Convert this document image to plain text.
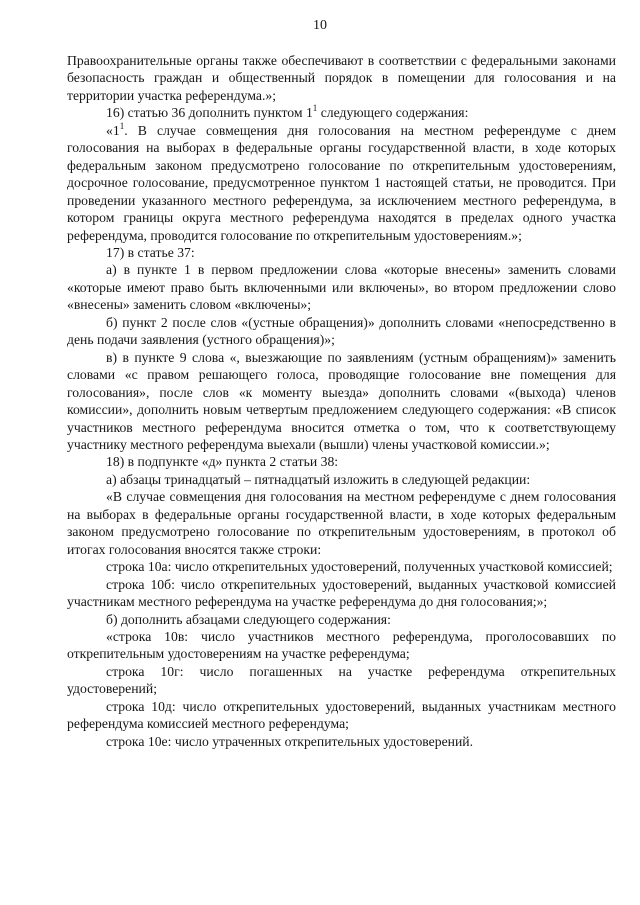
10

Правоохранительные органы также обеспечивают в соответствии с федеральными законами безопасность граждан и общественный порядок в помещении для голосования и на территории участка референдума.»;

16) статью 36 дополнить пунктом $1^1$ следующего содержания:

«$1^1$. В случае совмещения дня голосования на местном референдуме с днем голосования на выборах в федеральные органы государственной власти, в ходе которых федеральным законом предусмотрено голосование по открепительным удостоверениям, досрочное голосование, предусмотренное пунктом 1 настоящей статьи, не проводится. При проведении указанного местного референдума, за исключением местного референдума, в котором границы округа местного референдума находятся в пределах одного участка референдума, проводится голосование по открепительным удостоверениям.»;

17) в статье 37:

а) в пункте 1 в первом предложении слова «которые внесены» заменить словами «которые имеют право быть включенными или включены», во втором предложении слово «внесены» заменить словом «включены»;

б) пункт 2 после слов «(устные обращения)» дополнить словами «непосредственно в день подачи заявления (устного обращения)»;

в) в пункте 9 слова «, выезжающие по заявлениям (устным обращениям)» заменить словами «с правом решающего голоса, проводящие голосование вне помещения для голосования», после слов «к моменту выезда» дополнить словами «(выхода) членов комиссии», дополнить новым четвертым предложением следующего содержания: «В список участников местного референдума вносится отметка о том, что к соответствующему участнику местного референдума выехали (вышли) члены участковой комиссии.»;

18) в подпункте «д» пункта 2 статьи 38:

а) абзацы тринадцатый – пятнадцатый изложить в следующей редакции:

«В случае совмещения дня голосования на местном референдуме с днем голосования на выборах в федеральные органы государственной власти, в ходе которых федеральным законом предусмотрено голосование по открепительным удостоверениям, в протокол об итогах голосования вносятся также строки:

строка 10а: число открепительных удостоверений, полученных участковой комиссией;

строка 10б: число открепительных удостоверений, выданных участковой комиссией участникам местного референдума на участке референдума до дня голосования;»;

б) дополнить абзацами следующего содержания:

«строка 10в: число участников местного референдума, проголосовавших по открепительным удостоверениям на участке референдума;

строка 10г: число погашенных на участке референдума открепительных удостоверений;

строка 10д: число открепительных удостоверений, выданных участникам местного референдума комиссией местного референдума;

строка 10е: число утраченных открепительных удостоверений.
